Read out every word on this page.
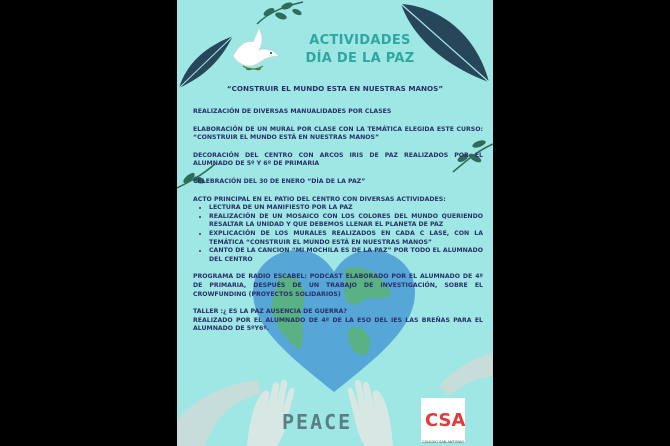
ACTIVIDADES
DÍA DE LA PAZ
“CONSTRUIR EL MUNDO ESTA EN NUESTRAS MANOS”

REALIZACIÓN DE DIVERSAS MANUALIDADES POR CLASES

ELABORACIÓN DE UN MURAL POR CLASE CON LA TEMÁTICA ELEGIDA ESTE CURSO: “CONSTRUIR EL MUNDO ESTÁ EN NUESTRAS MANOS”

DECORACIÓN DEL CENTRO CON ARCOS IRIS DE PAZ REALIZADOS POR EL ALUMNADO DE 5º Y 6º DE PRIMARIA

CELEBRACIÓN DEL 30 DE ENERO “DÍA DE LA PAZ”

ACTO PRINCIPAL EN EL PATIO DEL CENTRO CON DIVERSAS ACTIVIDADES:
• LECTURA DE UN MANIFIESTO POR LA PAZ
• REALIZACIÓN DE UN MOSAICO CON LOS COLORES DEL MUNDO QUERIENDO RESALTAR LA UNIDAD Y QUE DEBEMOS LLENAR EL PLANETA DE PAZ
• EXPLICACIÓN DE LOS MURALES REALIZADOS EN CADA C LASE, CON LA TEMÁTICA “CONSTRUIR EL MUNDO ESTÁ EN NUESTRAS MANOS”
• CANTO DE LA CANCION “MI MOCHILA ES DE LA PAZ” POR TODO EL ALUMNADO DEL CENTRO

PROGRAMA DE RADIO ESCABEL: PODCAST ELABORADO POR EL ALUMNADO DE 4º DE PRIMARIA, DESPUÉS DE UN TRABAJO DE INVESTIGACIÓN, SOBRE EL CROWFUNDING (PROYECTOS SOLIDARIOS)

TALLER :¿ ES LA PAZ AUSENCIA DE GUERRA?
REALIZADO POR EL ALUMNADO DE 4º DE LA ESO DEL IES LAS BREÑAS PARA EL ALUMNADO DE 5ºY6º.
PEACE	CSA
COLEGIO SAN ANTONIO
